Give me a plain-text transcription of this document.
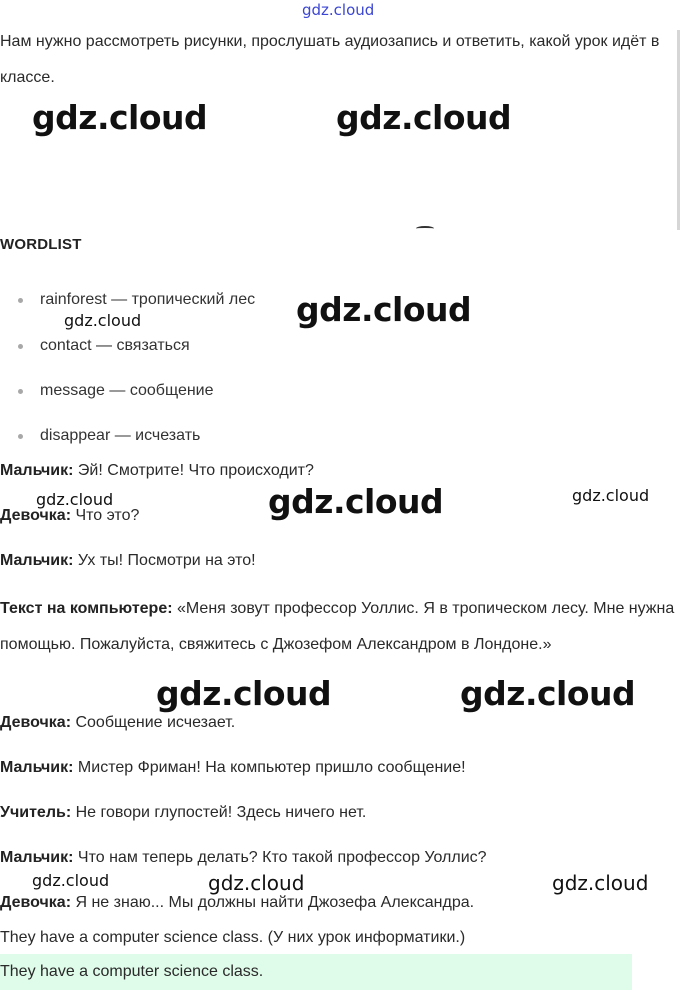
gdz.cloud
Нам нужно рассмотреть рисунки, прослушать аудиозапись и ответить, какой урок идёт в классе.
gdz.cloud	gdz.cloud
WORDLIST
rainforest — тропический лес
contact — связаться
message — сообщение
disappear — исчезать
gdz.cloud	gdz.cloud
Мальчик: Эй! Смотрите! Что происходит?
Девочка: Что это?
gdz.cloud	gdz.cloud	gdz.cloud
Мальчик: Ух ты! Посмотри на это!
Текст на компьютере: «Меня зовут профессор Уоллис. Я в тропическом лесу. Мне нужна помощью. Пожалуйста, свяжитесь с Джозефом Александром в Лондоне.»
gdz.cloud	gdz.cloud
Девочка: Сообщение исчезает.
Мальчик: Мистер Фриман! На компьютер пришло сообщение!
Учитель: Не говори глупостей! Здесь ничего нет.
Мальчик: Что нам теперь делать? Кто такой профессор Уоллис?
gdz.cloud	gdz.cloud	gdz.cloud
Девочка: Я не знаю... Мы должны найти Джозефа Александра.
They have a computer science class. (У них урок информатики.)
They have a computer science class.
